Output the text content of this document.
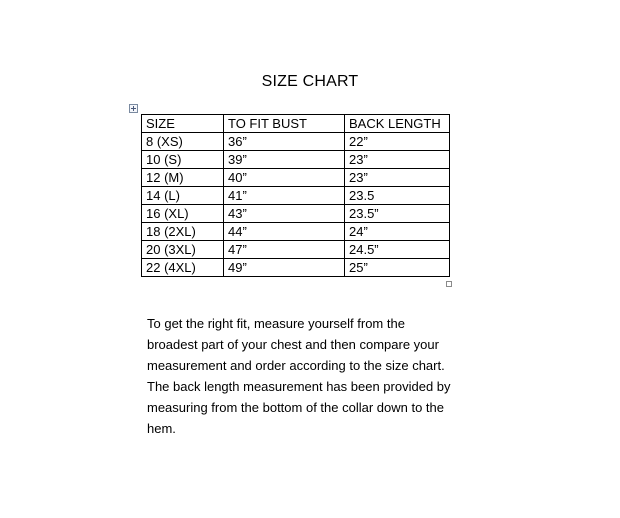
SIZE CHART
SIZE	TO FIT BUST	BACK LENGTH
8 (XS)	36”	22”
10 (S)	39”	23”
12 (M)	40”	23”
14 (L)	41”	23.5
16 (XL)	43”	23.5”
18 (2XL)	44”	24”
20 (3XL)	47”	24.5”
22 (4XL)	49”	25”

To get the right fit, measure yourself from the

broadest part of your chest and then compare your

measurement and order according to the size chart.

The back length measurement has been provided by

measuring from the bottom of the collar down to the

hem.
